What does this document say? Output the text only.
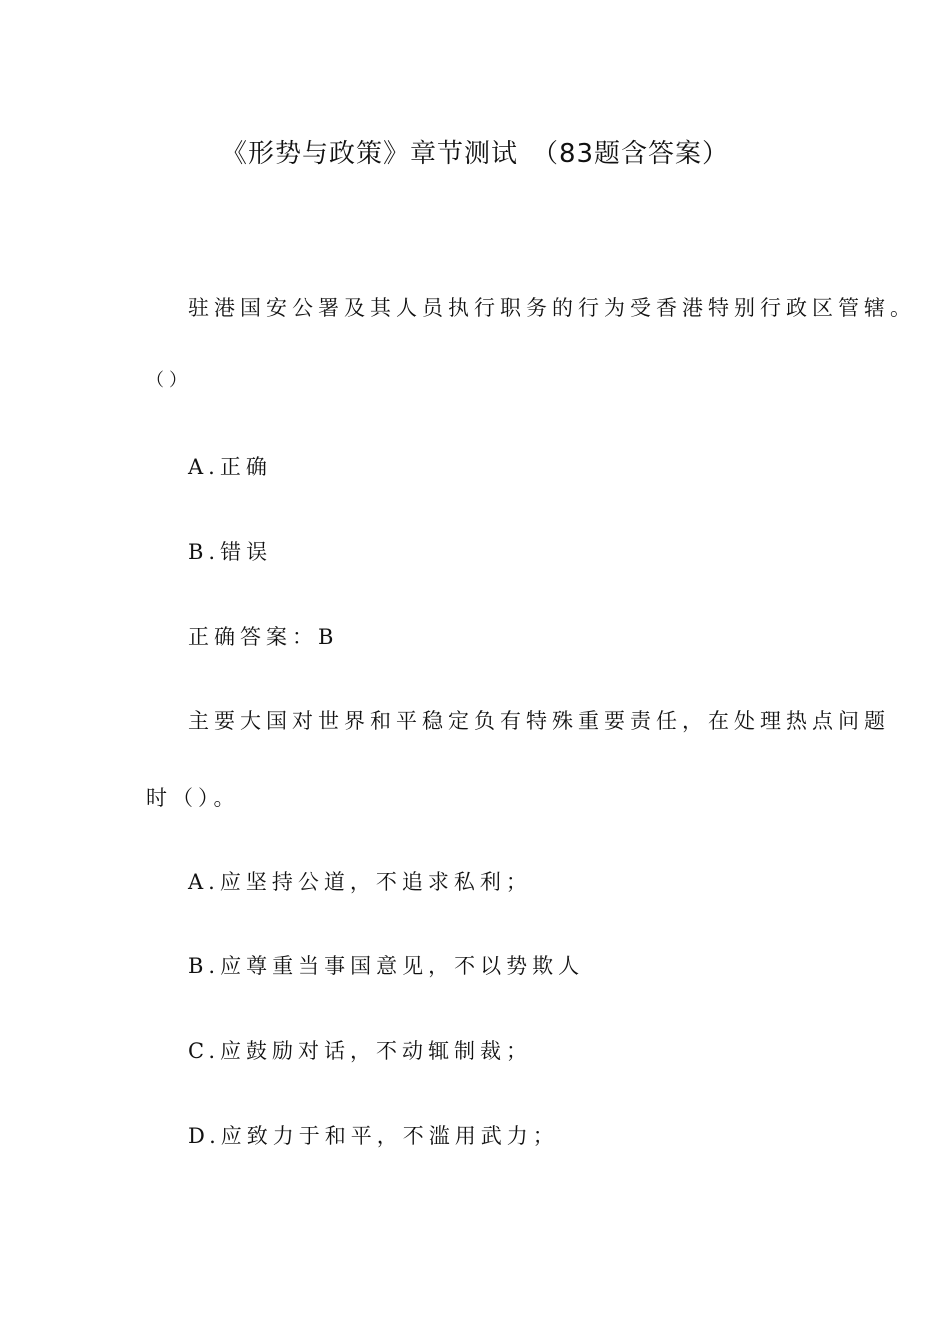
《形势与政策》章节测试　（83题含答案）
驻港国安公署及其人员执行职务的行为受香港特别行政区管辖。
（）
A.正确
B.错误
正确答案：B
主要大国对世界和平稳定负有特殊重要责任，在处理热点问题
时（）。
A.应坚持公道，不追求私利；
B.应尊重当事国意见，不以势欺人
C.应鼓励对话，不动辄制裁；
D.应致力于和平，不滥用武力；
